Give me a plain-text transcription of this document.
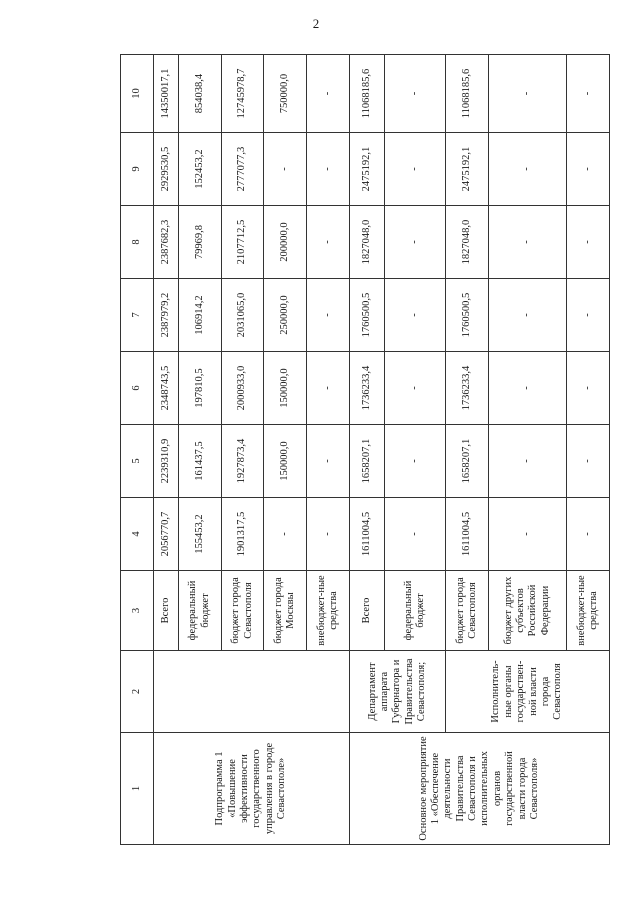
2
1	2	3	4	5	6	7	8	9	10
Подпрограмма 1 «Повышение эффективности государственного управления в городе Севастополе»		Всего	2056770,7	2239310,9	2348743,5	2387979,2	2387682,3	2929530,5	14350017,1
		федеральный бюджет	155453,2	161437,5	197810,5	106914,2	79969,8	152453,2	854038,4
		бюджет города Севастополя	1901317,5	1927873,4	2000933,0	2031065,0	2107712,5	2777077,3	12745978,7
		бюджет города Москвы	-	150000,0	150000,0	250000,0	200000,0	-	750000,0
		внебюджет-ные средства	-	-	-	-	-	-	-
Основное мероприятие 1 «Обеспечение деятельности Правительства Севастополя и исполнительных органов государственной власти города Севастополя»	Департамент аппарата Губернатора и Правительства Севастополя;	Всего	1611004,5	1658207,1	1736233,4	1760500,5	1827048,0	2475192,1	11068185,6
		федеральный бюджет	-	-	-	-	-	-	-
	Исполнитель-ные органы государствен-ной власти города Севастополя	бюджет города Севастополя	1611004,5	1658207,1	1736233,4	1760500,5	1827048,0	2475192,1	11068185,6
		бюджет других субъектов Российской Федерации	-	-	-	-	-	-	-
		внебюджет-ные средства	-	-	-	-	-	-	-
